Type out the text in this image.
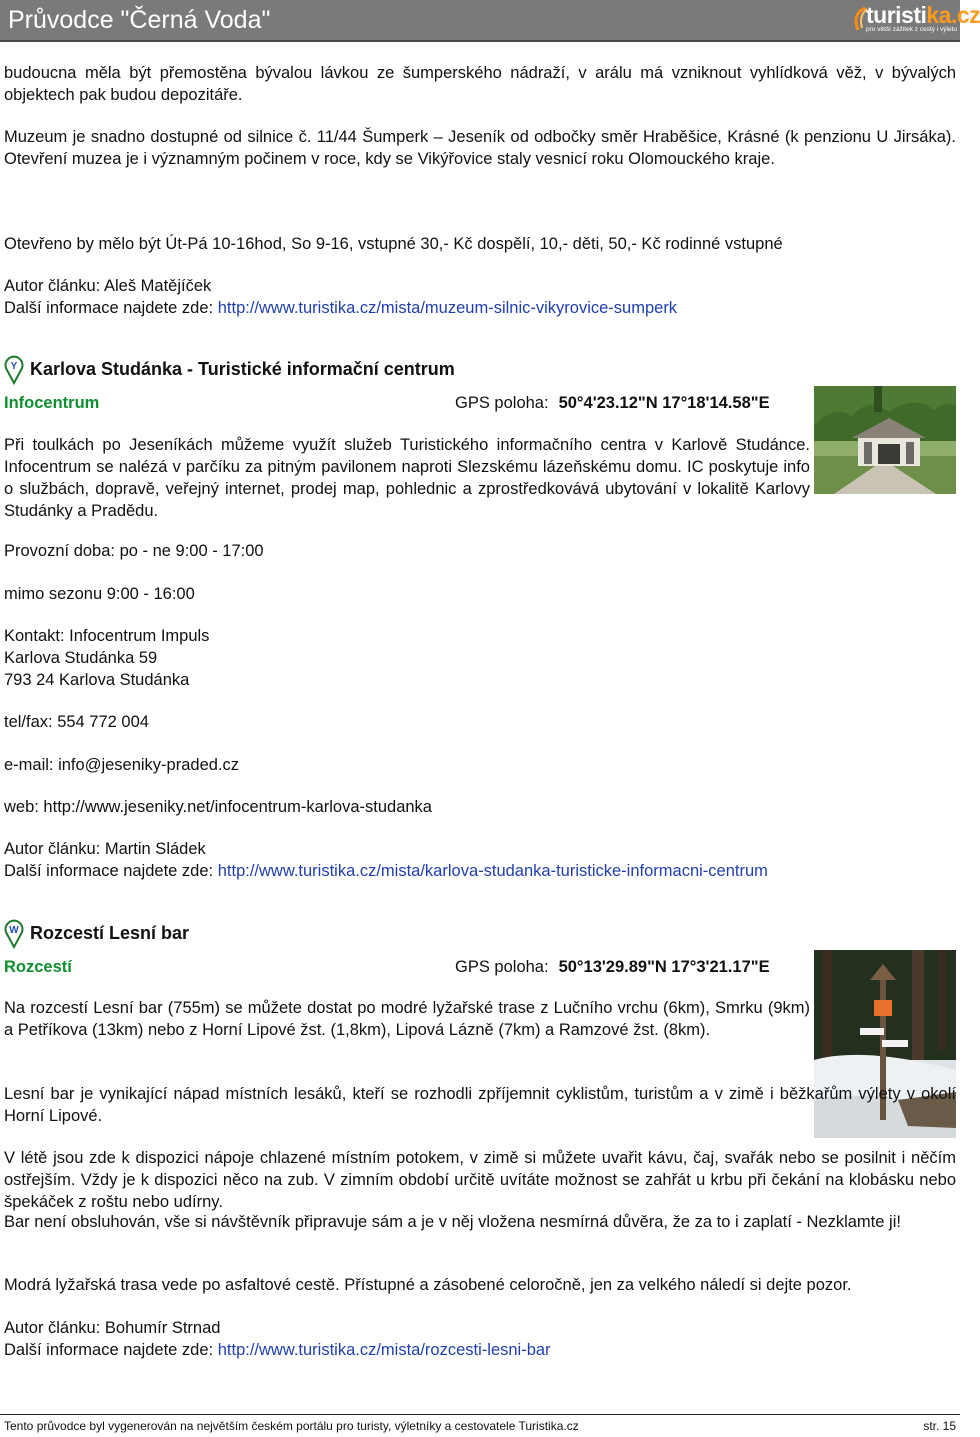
Průvodce "Černá Voda"	turistika.cz
pro větší zážitek z cestý i výletu

budoucna měla být přemostěna bývalou lávkou ze šumperského nádraží, v arálu má vzniknout vyhlídková věž, v bývalých objektech pak budou depozitáře.

Muzeum je snadno dostupné od silnice č. 11/44 Šumperk – Jeseník od odbočky směr Hraběšice, Krásné (k penzionu U Jirsáka). Otevření muzea je i významným počinem v roce, kdy se Vikýřovice staly vesnicí roku Olomouckého kraje.

Otevřeno by mělo být Út-Pá 10-16hod, So 9-16, vstupné 30,- Kč dospělí, 10,- děti, 50,- Kč rodinné vstupné

Autor článku: Aleš Matějíček

Další informace najdete zde: http://www.turistika.cz/mista/muzeum-silnic-vikyrovice-sumperk

Y Karlova Studánka - Turistické informační centrum

Infocentrum	GPS poloha: 50°4'23.12"N 17°18'14.58"E

Při toulkách po Jeseníkách můžeme využít služeb Turistického informačního centra v Karlově Studánce. Infocentrum se nalézá v parčíku za pitným pavilonem naproti Slezskému lázeňskému domu. IC poskytuje info o službách, dopravě, veřejný internet, prodej map, pohlednic a zprostředkovává ubytování v lokalitě Karlovy Studánky a Pradědu.

Provozní doba: po - ne 9:00 - 17:00

mimo sezonu 9:00 - 16:00

Kontakt: Infocentrum Impuls

Karlova Studánka 59

793 24 Karlova Studánka

tel/fax: 554 772 004

e-mail: info@jeseniky-praded.cz

web: http://www.jeseniky.net/infocentrum-karlova-studanka

Autor článku: Martin Sládek

Další informace najdete zde: http://www.turistika.cz/mista/karlova-studanka-turisticke-informacni-centrum

W Rozcestí Lesní bar

Rozcestí	GPS poloha: 50°13'29.89"N 17°3'21.17"E

Na rozcestí Lesní bar (755m) se můžete dostat po modré lyžařské trase z Lučního vrchu (6km), Smrku (9km) a Petříkova (13km) nebo z Horní Lipové žst. (1,8km), Lipová Lázně (7km) a Ramzové žst. (8km).

Lesní bar je vynikající nápad místních lesáků, kteří se rozhodli zpříjemnit cyklistům, turistům a v zimě i běžkařům výlety v okolí Horní Lipové.

V létě jsou zde k dispozici nápoje chlazené místním potokem, v zimě si můžete uvařit kávu, čaj, svařák nebo se posilnit i něčím ostřejším. Vždy je k dispozici něco na zub. V zimním období určitě uvítáte možnost se zahřát u krbu při čekání na klobásku nebo špekáček z roštu nebo udírny.

Bar není obsluhován, vše si návštěvník připravuje sám a je v něj vložena nesmírná důvěra, že za to i zaplatí - Nezklamte ji!

Modrá lyžařská trasa vede po asfaltové cestě. Přístupné a zásobené celoročně, jen za velkého náledí si dejte pozor.

Autor článku: Bohumír Strnad

Další informace najdete zde: http://www.turistika.cz/mista/rozcesti-lesni-bar

Tento průvodce byl vygenerován na největším českém portálu pro turisty, výletníky a cestovatele Turistika.cz	str. 15
